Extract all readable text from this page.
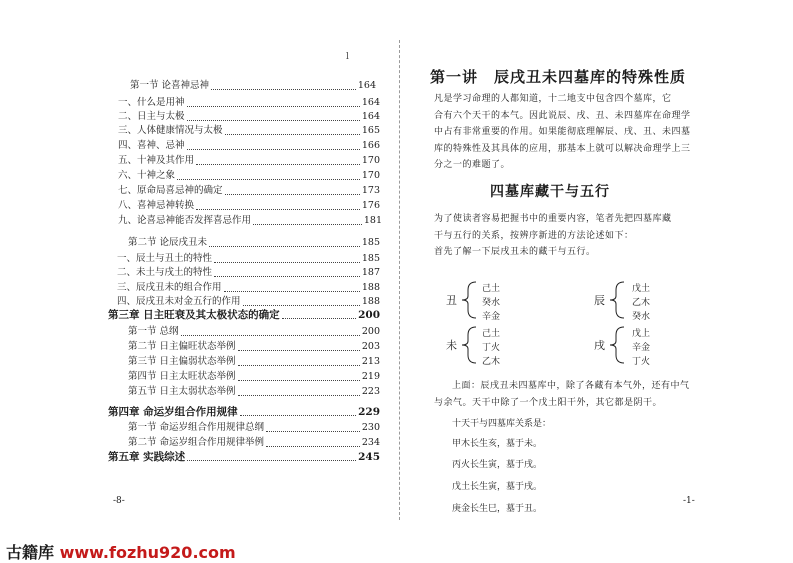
第一节 论喜神忌神	164
一、什么是用神	164
二、日主与太极	164
三、人体健康情况与太极	165
四、喜神、忌神	166
五、十神及其作用	170
六、十神之象	170
七、原命局喜忌神的确定	173
八、喜神忌神转换	176
九、论喜忌神能否发挥喜忌作用	181
第二节 论辰戌丑未	185
一、辰土与丑土的特性	185
二、未土与戌土的特性	187
三、辰戌丑未的组合作用	188
四、辰戌丑未对金五行的作用	188
第三章 日主旺衰及其太极状态的确定	200
第一节 总纲	200
第二节 日主偏旺状态举例	203
第三节 日主偏弱状态举例	213
第四节 日主太旺状态举例	219
第五节 日主太弱状态举例	223
第四章 命运岁组合作用规律	229
第一节 命运岁组合作用规律总纲	230
第二节 命运岁组合作用规律举例	234
第五章 实践综述	245
-8-
l
第一讲　辰戌丑未四墓库的特殊性质
凡是学习命理的人都知道，十二地支中包含四个墓库，它
合有六个天干的本气。因此说辰、戌、丑、未四墓库在命理学
中占有非常重要的作用。如果能彻底理解辰、戌、丑、未四墓
库的特殊性及其具体的应用，那基本上就可以解决命理学上三
分之一的难题了。
四墓库藏干与五行
为了使读者容易把握书中的重要内容，笔者先把四墓库藏
干与五行的关系，按辨序新进的方法论述如下：
首先了解一下辰戌丑未的藏干与五行。
丑
己土
癸水
辛金
辰
戊土
乙木
癸水
未
己土
丁火
乙木
戌
戊上
辛金
丁火
上面：辰戌丑未四墓库中，除了各藏有本气外，还有中气
与余气。天干中除了一个戊土阳干外，其它都是阴干。
十天干与四墓库关系是：
甲木长生亥，墓于未。
丙火长生寅，墓于戌。
戊土长生寅，墓于戌。
庚金长生巳，墓于丑。
-1-
古籍库 www.fozhu920.com
